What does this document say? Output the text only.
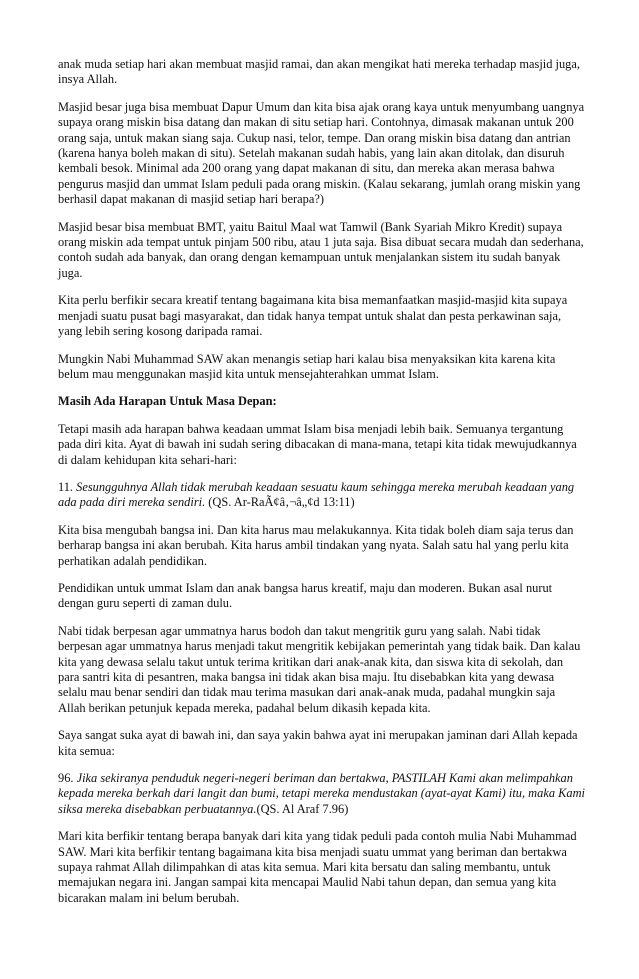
anak muda setiap hari akan membuat masjid ramai, dan akan mengikat hati mereka terhadap masjid juga, insya Allah.

Masjid besar juga bisa membuat Dapur Umum dan kita bisa ajak orang kaya untuk menyumbang uangnya supaya orang miskin bisa datang dan makan di situ setiap hari. Contohnya, dimasak makanan untuk 200 orang saja, untuk makan siang saja. Cukup nasi, telor, tempe. Dan orang miskin bisa datang dan antrian (karena hanya boleh makan di situ). Setelah makanan sudah habis, yang lain akan ditolak, dan disuruh kembali besok. Minimal ada 200 orang yang dapat makanan di situ, dan mereka akan merasa bahwa pengurus masjid dan ummat Islam peduli pada orang miskin. (Kalau sekarang, jumlah orang miskin yang berhasil dapat makanan di masjid setiap hari berapa?)

Masjid besar bisa membuat BMT, yaitu Baitul Maal wat Tamwil (Bank Syariah Mikro Kredit) supaya orang miskin ada tempat untuk pinjam 500 ribu, atau 1 juta saja. Bisa dibuat secara mudah dan sederhana, contoh sudah ada banyak, dan orang dengan kemampuan untuk menjalankan sistem itu sudah banyak juga.

Kita perlu berfikir secara kreatif tentang bagaimana kita bisa memanfaatkan masjid-masjid kita supaya menjadi suatu pusat bagi masyarakat, dan tidak hanya tempat untuk shalat dan pesta perkawinan saja, yang lebih sering kosong daripada ramai.

Mungkin Nabi Muhammad SAW akan menangis setiap hari kalau bisa menyaksikan kita karena kita belum mau menggunakan masjid kita untuk mensejahterahkan ummat Islam.

Masih Ada Harapan Untuk Masa Depan:

Tetapi masih ada harapan bahwa keadaan ummat Islam bisa menjadi lebih baik. Semuanya tergantung pada diri kita. Ayat di bawah ini sudah sering dibacakan di mana-mana, tetapi kita tidak mewujudkannya di dalam kehidupan kita sehari-hari:

11. Sesungguhnya Allah tidak merubah keadaan sesuatu kaum sehingga mereka merubah keadaan yang ada pada diri mereka sendiri. (QS. Ar-RaÃ¢â‚¬â„¢d 13:11)

Kita bisa mengubah bangsa ini. Dan kita harus mau melakukannya. Kita tidak boleh diam saja terus dan berharap bangsa ini akan berubah. Kita harus ambil tindakan yang nyata. Salah satu hal yang perlu kita perhatikan adalah pendidikan.

Pendidikan untuk ummat Islam dan anak bangsa harus kreatif, maju dan moderen. Bukan asal nurut dengan guru seperti di zaman dulu.

Nabi tidak berpesan agar ummatnya harus bodoh dan takut mengritik guru yang salah. Nabi tidak berpesan agar ummatnya harus menjadi takut mengritik kebijakan pemerintah yang tidak baik. Dan kalau kita yang dewasa selalu takut untuk terima kritikan dari anak-anak kita, dan siswa kita di sekolah, dan para santri kita di pesantren, maka bangsa ini tidak akan bisa maju. Itu disebabkan kita yang dewasa selalu mau benar sendiri dan tidak mau terima masukan dari anak-anak muda, padahal mungkin saja Allah berikan petunjuk kepada mereka, padahal belum dikasih kepada kita.

Saya sangat suka ayat di bawah ini, dan saya yakin bahwa ayat ini merupakan jaminan dari Allah kepada kita semua:

96. Jika sekiranya penduduk negeri-negeri beriman dan bertakwa, PASTILAH Kami akan melimpahkan kepada mereka berkah dari langit dan bumi, tetapi mereka mendustakan (ayat-ayat Kami) itu, maka Kami siksa mereka disebabkan perbuatannya.(QS. Al Araf 7.96)

Mari kita berfikir tentang berapa banyak dari kita yang tidak peduli pada contoh mulia Nabi Muhammad SAW. Mari kita berfikir tentang bagaimana kita bisa menjadi suatu ummat yang beriman dan bertakwa supaya rahmat Allah dilimpahkan di atas kita semua. Mari kita bersatu dan saling membantu, untuk memajukan negara ini. Jangan sampai kita mencapai Maulid Nabi tahun depan, dan semua yang kita bicarakan malam ini belum berubah.
